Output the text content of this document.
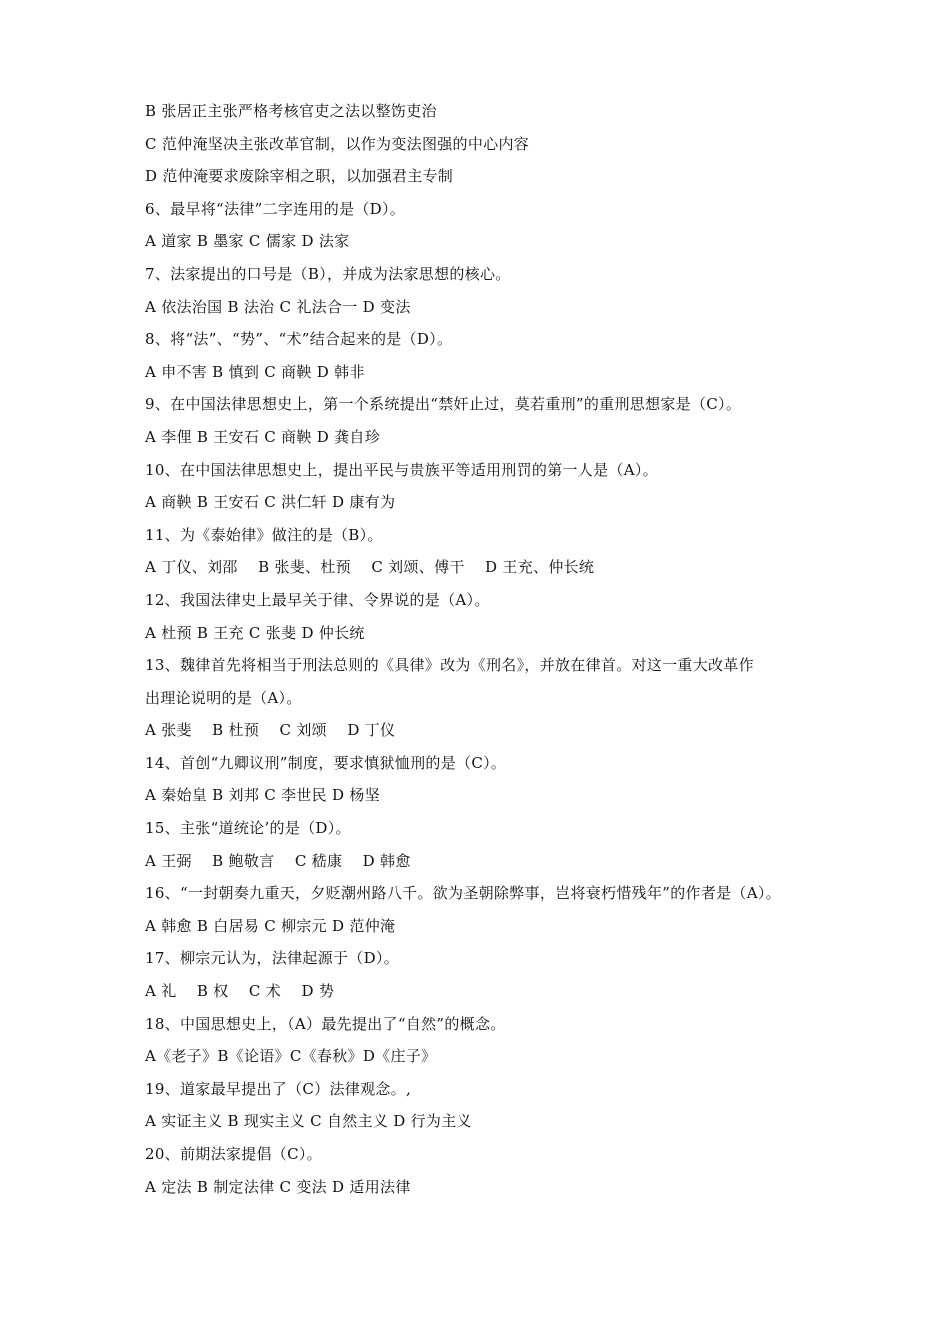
B 张居正主张严格考核官吏之法以整饬吏治
C 范仲淹坚决主张改革官制，以作为变法图强的中心内容
D 范仲淹要求废除宰相之职，以加强君主专制
6、最早将“法律”二字连用的是（D）。
A 道家 B 墨家 C 儒家 D 法家
7、法家提出的口号是（B），并成为法家思想的核心。
A 依法治国 B 法治 C 礼法合一 D 变法
8、将“法”、“势”、“术”结合起来的是（D）。
A 申不害 B 慎到 C 商鞅 D 韩非
9、在中国法律思想史上，第一个系统提出“禁奸止过，莫若重刑”的重刑思想家是（C）。
A 李俚 B 王安石 C 商鞅 D 龚自珍
10、在中国法律思想史上，提出平民与贵族平等适用刑罚的第一人是（A）。
A 商鞅 B 王安石 C 洪仁轩 D 康有为
11、为《泰始律》做注的是（B）。
A 丁仪、刘邵　 B 张斐、杜预　 C 刘颂、傅干　 D 王充、仲长统
12、我国法律史上最早关于律、令界说的是（A）。
A 杜预 B 王充 C 张斐 D 仲长统
13、魏律首先将相当于刑法总则的《具律》改为《刑名》，并放在律首。对这一重大改革作
出理论说明的是（A）。
A 张斐　 B 杜预　 C 刘颂　 D 丁仪
14、首创“九卿议刑”制度，要求慎狱恤刑的是（C）。
A 秦始皇 B 刘邦 C 李世民 D 杨坚
15、主张“道统论’的是（D）。
A 王弼　 B 鲍敬言　 C 嵇康　 D 韩愈
16、“一封朝奏九重天，夕贬潮州路八千。欲为圣朝除弊事，岂将衰朽惜残年”的作者是（A）。
A 韩愈 B 白居易 C 柳宗元 D 范仲淹
17、柳宗元认为，法律起源于（D）。
A 礼　 B 权　 C 术　 D 势
18、中国思想史上，（A）最先提出了“自然”的概念。
A《老子》B《论语》C《春秋》D《庄子》
19、道家最早提出了（C）法律观念。,
A 实证主义 B 现实主义 C 自然主义 D 行为主义
20、前期法家提倡（C）。
A 定法 B 制定法律 C 变法 D 适用法律
